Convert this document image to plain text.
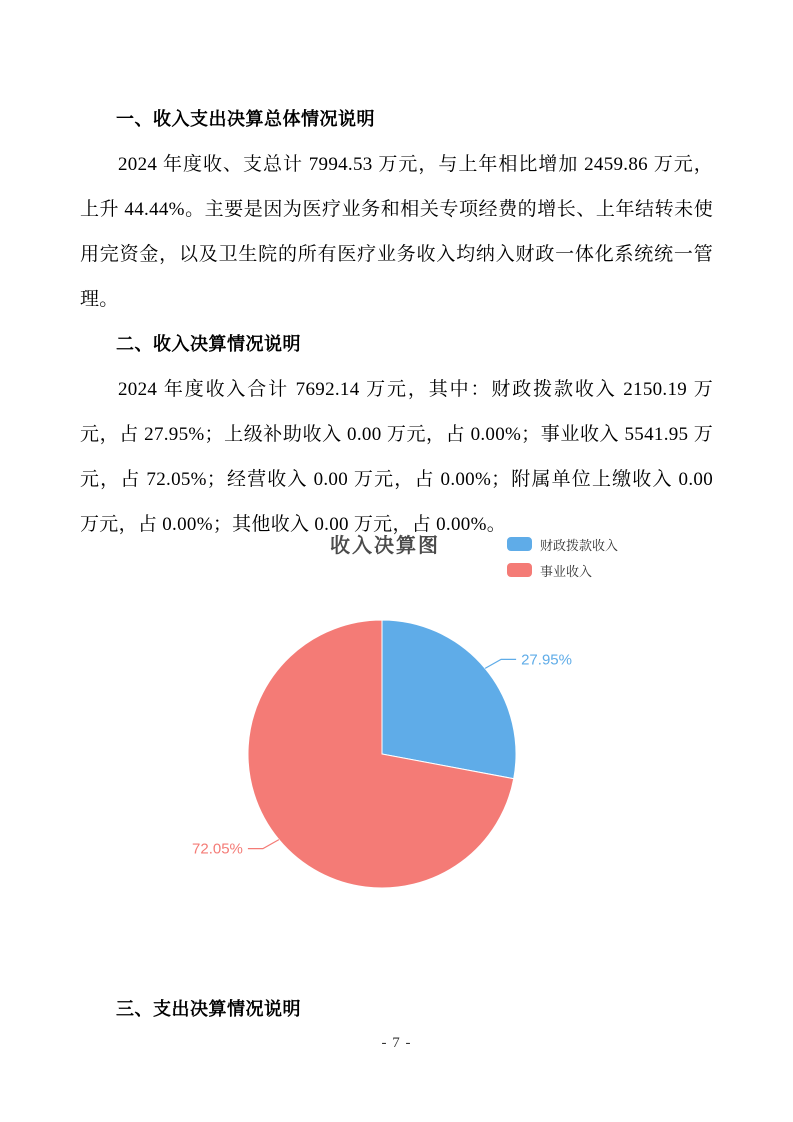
一、收入支出决算总体情况说明
2024 年度收、支总计 7994.53 万元，与上年相比增加 2459.86 万元，上升 44.44%。主要是因为医疗业务和相关专项经费的增长、上年结转未使用完资金，以及卫生院的所有医疗业务收入均纳入财政一体化系统统一管理。
二、收入决算情况说明
2024 年度收入合计 7692.14 万元，其中：财政拨款收入 2150.19 万元，占 27.95%；上级补助收入 0.00 万元，占 0.00%；事业收入 5541.95 万元，占 72.05%；经营收入 0.00 万元，占 0.00%；附属单位上缴收入 0.00 万元，占 0.00%；其他收入 0.00 万元，占 0.00%。
收入决算图	财政拨款收入
事业收入
27.95%
72.05%
三、支出决算情况说明
- 7 -
